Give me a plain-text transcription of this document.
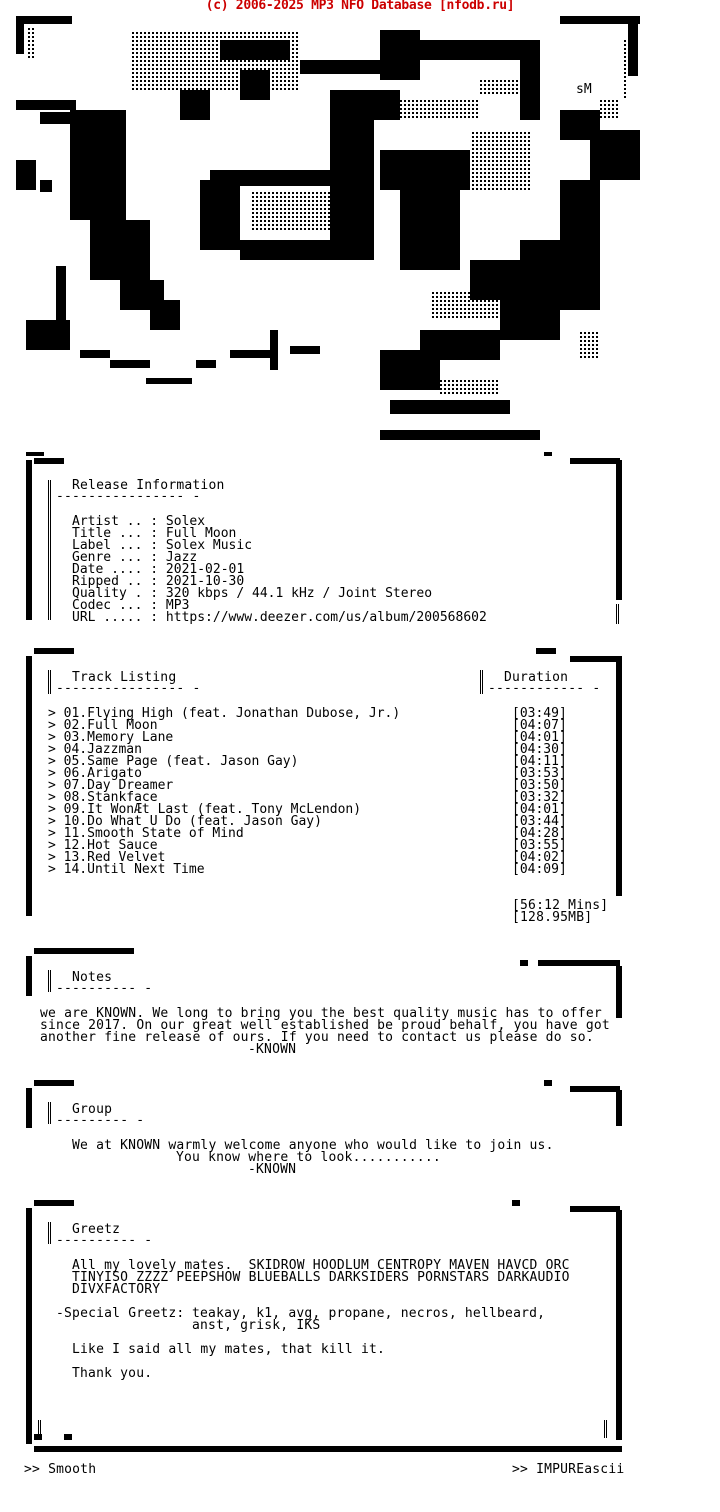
(c) 2006-2025 MP3 NFO Database [nfodb.ru]
sM
Release Information
---------------- -
Artist .. : Solex
Title ... : Full Moon
Label ... : Solex Music
Genre ... : Jazz
Date .... : 2021-02-01
Ripped .. : 2021-10-30
Quality . : 320 kbps / 44.1 kHz / Joint Stereo
Codec ... : MP3
URL ..... : https://www.deezer.com/us/album/200568602
Track Listing
---------------- -
Duration
------------ -
> 01.Flying High (feat. Jonathan Dubose, Jr.)
> 02.Full Moon
> 03.Memory Lane
> 04.Jazzman
> 05.Same Page (feat. Jason Gay)
> 06.Arigato
> 07.Day Dreamer
> 08.Stankface
> 09.It WonÆt Last (feat. Tony McLendon)
> 10.Do What U Do (feat. Jason Gay)
> 11.Smooth State of Mind
> 12.Hot Sauce
> 13.Red Velvet
> 14.Until Next Time
[03:49]
[04:07]
[04:01]
[04:30]
[04:11]
[03:53]
[03:50]
[03:32]
[04:01]
[03:44]
[04:28]
[03:55]
[04:02]
[04:09]
[56:12 Mins]
[128.95MB]
Notes
---------- -
we are KNOWN. We long to bring you the best quality music has to offer
since 2017. On our great well established be proud behalf, you have got
another fine release of ours. If you need to contact us please do so.
-KNOWN
Group
--------- -
We at KNOWN warmly welcome anyone who would like to join us.
You know where to look...........
-KNOWN
Greetz
---------- -
All my lovely mates.  SKIDROW HOODLUM CENTROPY MAVEN HAVCD ORC
TINYISO ZZZZ PEEPSHOW BLUEBALLS DARKSIDERS PORNSTARS DARKAUDIO
DIVXFACTORY
-Special Greetz: teakay, k1, avg, propane, necros, hellbeard,
anst, grisk, IKS
Like I said all my mates, that kill it.
Thank you.
>> Smooth	>> IMPUREascii
